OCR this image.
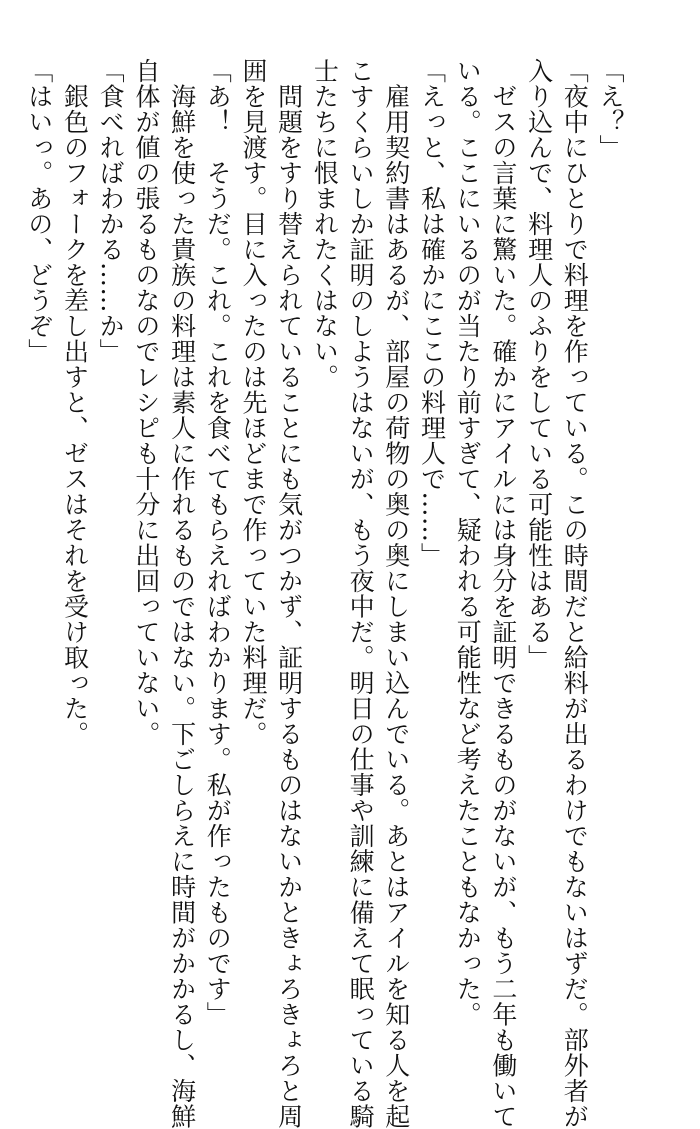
「え？」
「夜中にひとりで料理を作っている。この時間だと給料が出るわけでもないはずだ。部外者が
入り込んで、料理人のふりをしている可能性はある」
　ゼスの言葉に驚いた。確かにアイルには身分を証明できるものがないが、もう二年も働いて
いる。ここにいるのが当たり前すぎて、疑われる可能性など考えたこともなかった。
「えっと、私は確かにここの料理人で……」
　雇用契約書はあるが、部屋の荷物の奥の奥にしまい込んでいる。あとはアイルを知る人を起
こすくらいしか証明のしようはないが、もう夜中だ。明日の仕事や訓練に備えて眠っている騎
士たちに恨まれたくはない。
　問題をすり替えられていることにも気がつかず、証明するものはないかときょろきょろと周
囲を見渡す。目に入ったのは先ほどまで作っていた料理だ。
「あ！　そうだ。これ。これを食べてもらえればわかります。私が作ったものです」
　海鮮を使った貴族の料理は素人に作れるものではない。下ごしらえに時間がかかるし、海鮮
自体が値の張るものなのでレシピも十分に出回っていない。
「食べればわかる……か」
　銀色のフォークを差し出すと、ゼスはそれを受け取った。
「はいっ。あの、どうぞ」
